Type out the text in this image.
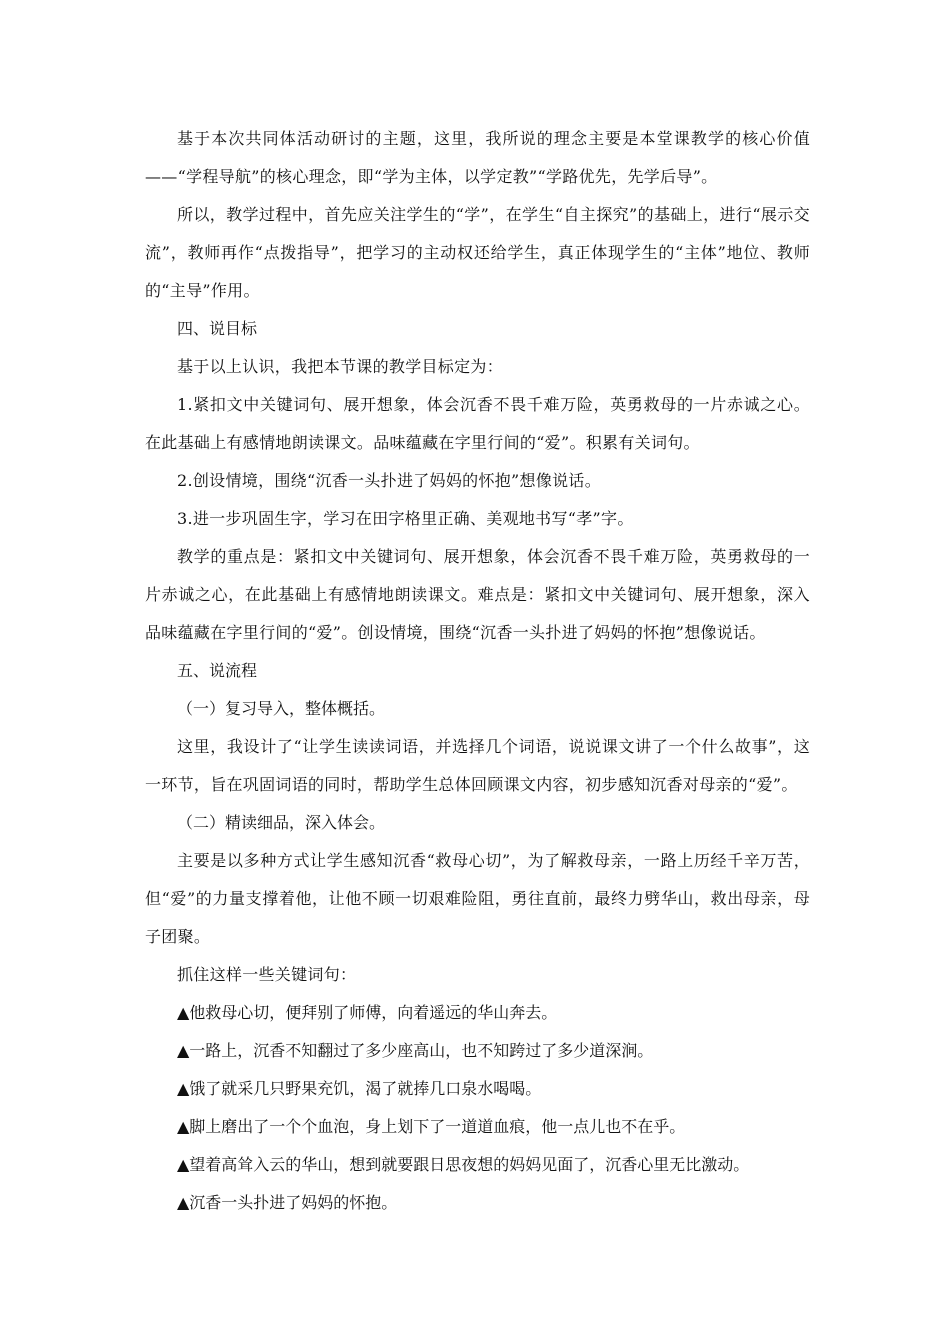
基于本次共同体活动研讨的主题，这里，我所说的理念主要是本堂课教学的核心价值——“学程导航”的核心理念，即“学为主体，以学定教”“学路优先，先学后导”。

所以，教学过程中，首先应关注学生的“学”，在学生“自主探究”的基础上，进行“展示交流”，教师再作“点拨指导”，把学习的主动权还给学生，真正体现学生的“主体”地位、教师的“主导”作用。

四、说目标

基于以上认识，我把本节课的教学目标定为：

1.紧扣文中关键词句、展开想象，体会沉香不畏千难万险，英勇救母的一片赤诚之心。在此基础上有感情地朗读课文。品味蕴藏在字里行间的“爱”。积累有关词句。

2.创设情境，围绕“沉香一头扑进了妈妈的怀抱”想像说话。

3.进一步巩固生字，学习在田字格里正确、美观地书写“孝”字。

教学的重点是：紧扣文中关键词句、展开想象，体会沉香不畏千难万险，英勇救母的一片赤诚之心，在此基础上有感情地朗读课文。难点是：紧扣文中关键词句、展开想象，深入品味蕴藏在字里行间的“爱”。创设情境，围绕“沉香一头扑进了妈妈的怀抱”想像说话。

五、说流程

（一）复习导入，整体概括。

这里，我设计了“让学生读读词语，并选择几个词语，说说课文讲了一个什么故事”，这一环节，旨在巩固词语的同时，帮助学生总体回顾课文内容，初步感知沉香对母亲的“爱”。

（二）精读细品，深入体会。

主要是以多种方式让学生感知沉香“救母心切”，为了解救母亲，一路上历经千辛万苦，但“爱”的力量支撑着他，让他不顾一切艰难险阻，勇往直前，最终力劈华山，救出母亲，母子团聚。

抓住这样一些关键词句：

▲他救母心切，便拜别了师傅，向着遥远的华山奔去。

▲一路上，沉香不知翻过了多少座高山，也不知跨过了多少道深涧。

▲饿了就采几只野果充饥，渴了就捧几口泉水喝喝。

▲脚上磨出了一个个血泡，身上划下了一道道血痕，他一点儿也不在乎。

▲望着高耸入云的华山，想到就要跟日思夜想的妈妈见面了，沉香心里无比激动。

▲沉香一头扑进了妈妈的怀抱。
